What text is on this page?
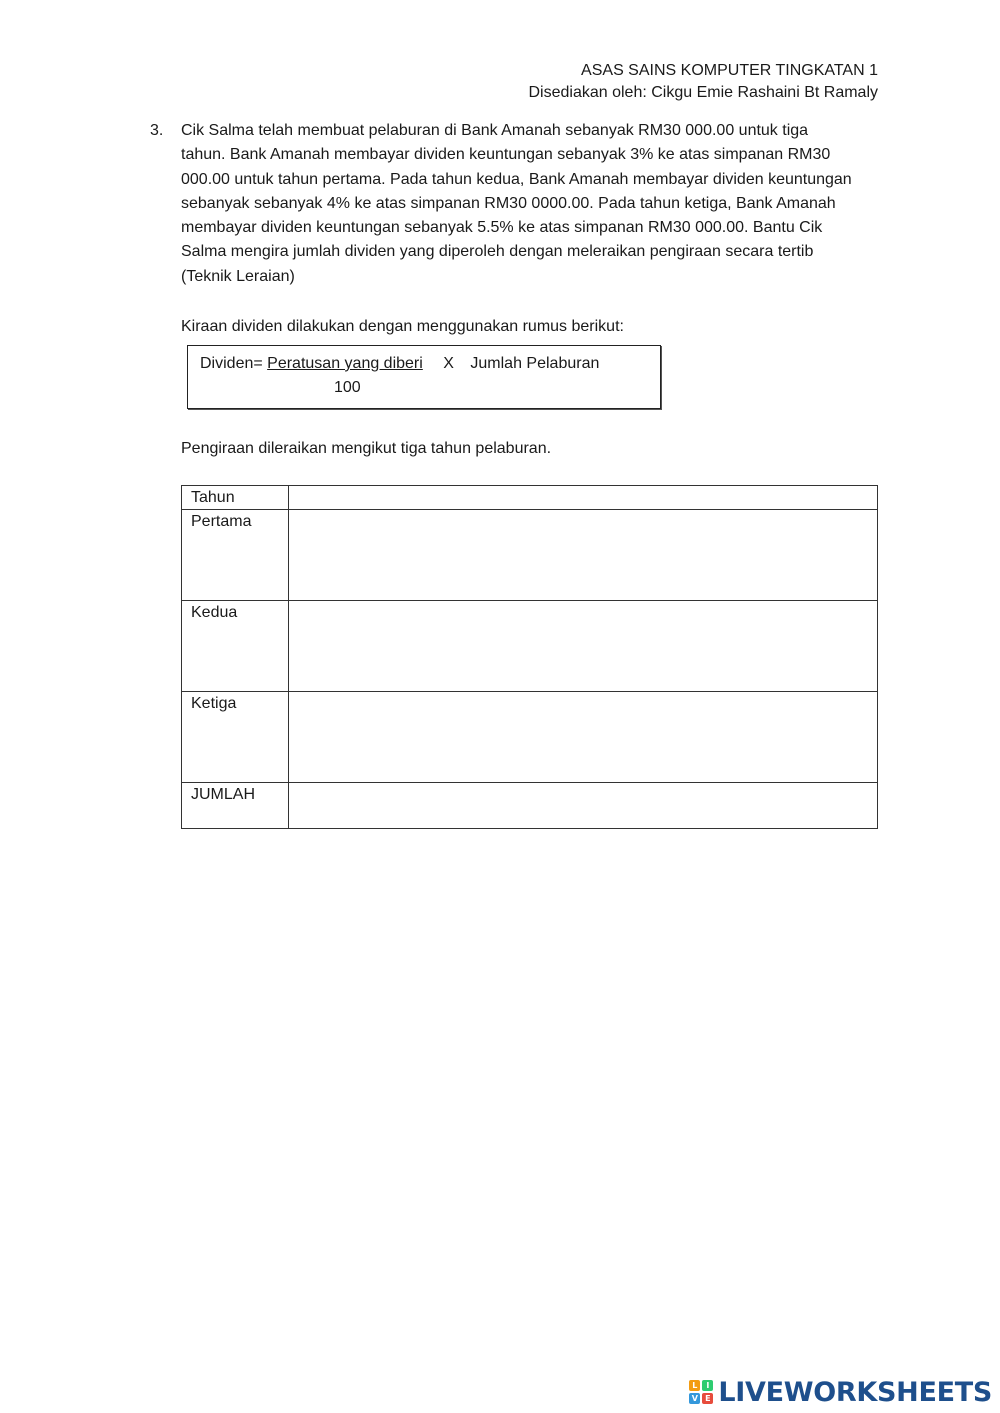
ASAS SAINS KOMPUTER TINGKATAN 1
Disediakan oleh: Cikgu Emie Rashaini Bt Ramaly
3. Cik Salma telah membuat pelaburan di Bank Amanah sebanyak RM30 000.00 untuk tiga tahun. Bank Amanah membayar dividen keuntungan sebanyak 3% ke atas simpanan RM30 000.00 untuk tahun pertama. Pada tahun kedua, Bank Amanah membayar dividen keuntungan sebanyak sebanyak 4% ke atas simpanan RM30 0000.00. Pada tahun ketiga, Bank Amanah membayar dividen keuntungan sebanyak 5.5% ke atas simpanan RM30 000.00. Bantu Cik Salma mengira jumlah dividen yang diperoleh dengan meleraikan pengiraan secara tertib (Teknik Leraian)
Kiraan dividen dilakukan dengan menggunakan rumus berikut:
Dividen= Peratusan yang diberi X Jumlah Pelaburan
100
Pengiraan dileraikan mengikut tiga tahun pelaburan.
Tahun	
Pertama	
Kedua	
Ketiga	
JUMLAH	
L	I
V E LIVEWORKSHEETS
